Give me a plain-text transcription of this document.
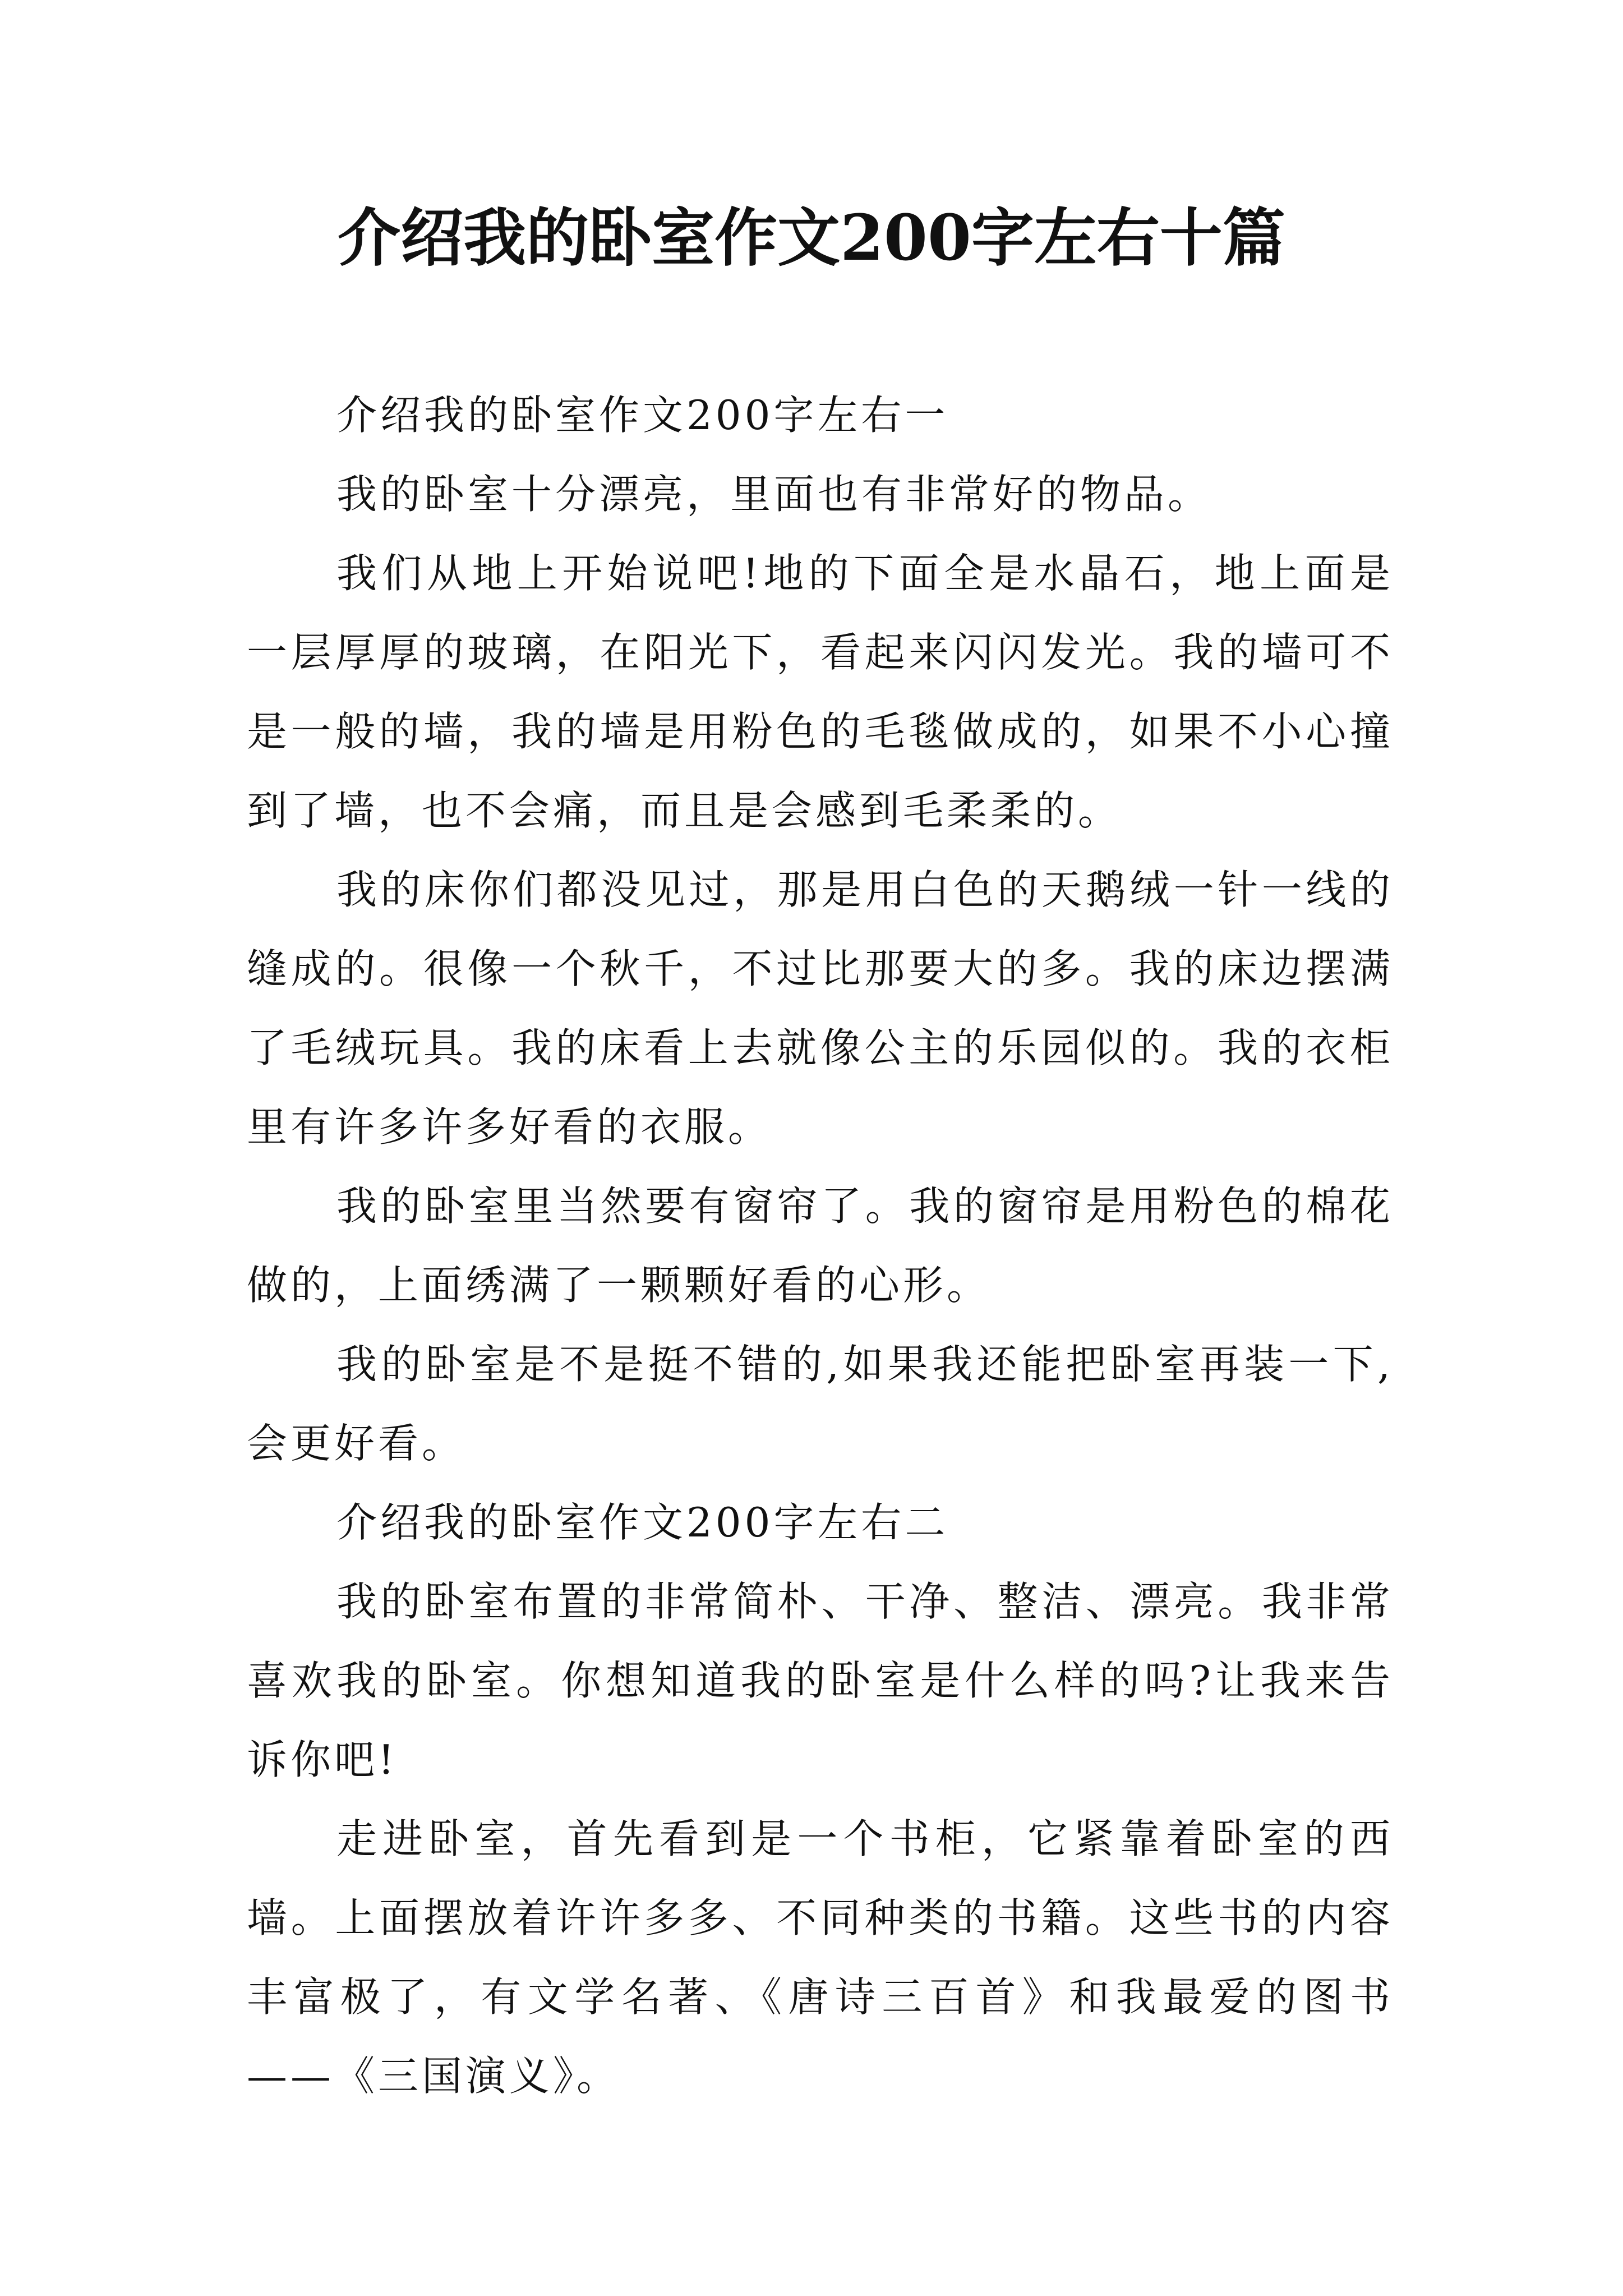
介绍我的卧室作文200字左右十篇

介绍我的卧室作文200字左右一

我的卧室十分漂亮，里面也有非常好的物品。

我们从地上开始说吧!地的下面全是水晶石，地上面是一层厚厚的玻璃，在阳光下，看起来闪闪发光。我的墙可不是一般的墙，我的墙是用粉色的毛毯做成的，如果不小心撞到了墙，也不会痛，而且是会感到毛柔柔的。

我的床你们都没见过，那是用白色的天鹅绒一针一线的缝成的。很像一个秋千，不过比那要大的多。我的床边摆满了毛绒玩具。我的床看上去就像公主的乐园似的。我的衣柜里有许多许多好看的衣服。

我的卧室里当然要有窗帘了。我的窗帘是用粉色的棉花做的，上面绣满了一颗颗好看的心形。

我的卧室是不是挺不错的,如果我还能把卧室再装一下,会更好看。

介绍我的卧室作文200字左右二

我的卧室布置的非常简朴、干净、整洁、漂亮。我非常喜欢我的卧室。你想知道我的卧室是什么样的吗?让我来告诉你吧!

走进卧室，首先看到是一个书柜，它紧靠着卧室的西墙。上面摆放着许许多多、不同种类的书籍。这些书的内容丰富极了，有文学名著、《唐诗三百首》和我最爱的图书——《三国演义》。
